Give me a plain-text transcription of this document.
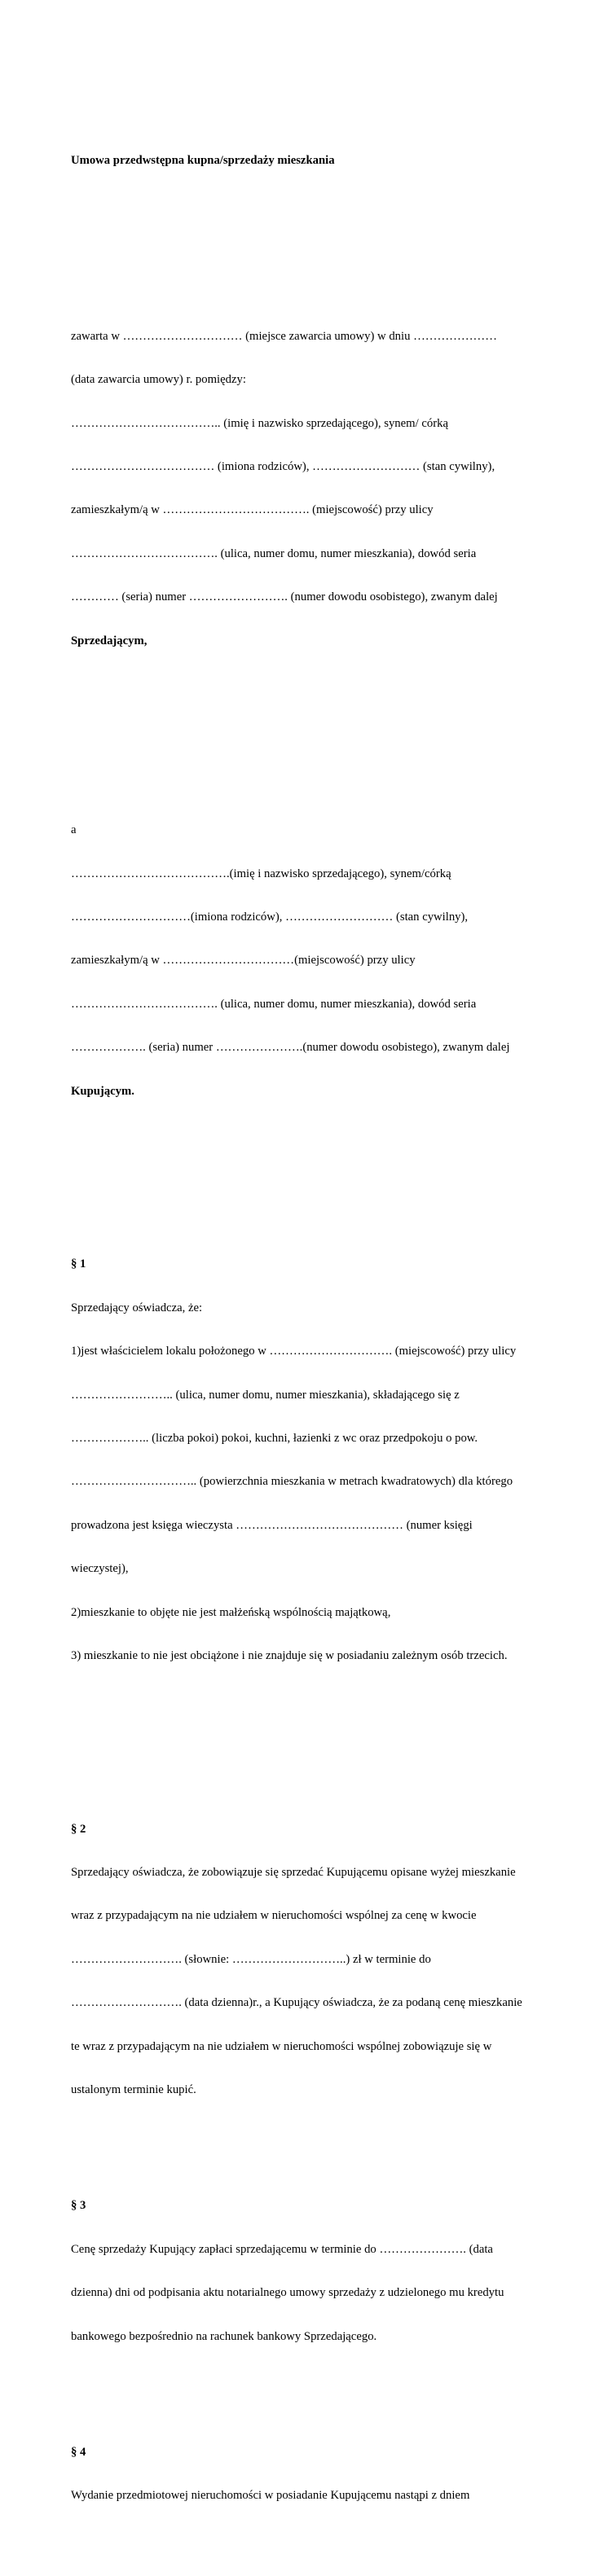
Umowa przedwstępna kupna/sprzedaży mieszkania

zawarta w ………………………… (miejsce zawarcia umowy) w dniu …………………

(data zawarcia umowy) r. pomiędzy:

……………………………….. (imię i nazwisko sprzedającego), synem/ córką

……………………………… (imiona rodziców), ……………………… (stan cywilny),

zamieszkałym/ą w ………………………………. (miejscowość) przy ulicy

………………………………. (ulica, numer domu, numer mieszkania), dowód seria

………… (seria) numer ……………………. (numer dowodu osobistego), zwanym dalej

Sprzedającym,

a

………………………………….(imię i nazwisko sprzedającego), synem/córką

…………………………(imiona rodziców), ……………………… (stan cywilny),

zamieszkałym/ą w ……………………………(miejscowość) przy ulicy

………………………………. (ulica, numer domu, numer mieszkania), dowód seria

………………. (seria) numer ………………….(numer dowodu osobistego), zwanym dalej

Kupującym.

§ 1

Sprzedający oświadcza, że:

1)jest właścicielem lokalu położonego w …………………………. (miejscowość) przy ulicy

…………………….. (ulica, numer domu, numer mieszkania), składającego się z

……………….. (liczba pokoi) pokoi, kuchni, łazienki z wc oraz przedpokoju o pow.

………………………….. (powierzchnia mieszkania w metrach kwadratowych) dla którego

prowadzona jest księga wieczysta …………………………………… (numer księgi

wieczystej),

2)mieszkanie to objęte nie jest małżeńską wspólnością majątkową,

3) mieszkanie to nie jest obciążone i nie znajduje się w posiadaniu zależnym osób trzecich.

§ 2

Sprzedający oświadcza, że zobowiązuje się sprzedać Kupującemu opisane wyżej mieszkanie

wraz z przypadającym na nie udziałem w nieruchomości wspólnej za cenę w kwocie

………………………. (słownie: ………………………..) zł w terminie do

………………………. (data dzienna)r., a Kupujący oświadcza, że za podaną cenę mieszkanie

te wraz z przypadającym na nie udziałem w nieruchomości wspólnej zobowiązuje się w

ustalonym terminie kupić.

§ 3

Cenę sprzedaży Kupujący zapłaci sprzedającemu w terminie do …………………. (data

dzienna) dni od podpisania aktu notarialnego umowy sprzedaży z udzielonego mu kredytu

bankowego bezpośrednio na rachunek bankowy Sprzedającego.

§ 4

Wydanie przedmiotowej nieruchomości w posiadanie Kupującemu nastąpi z dniem
